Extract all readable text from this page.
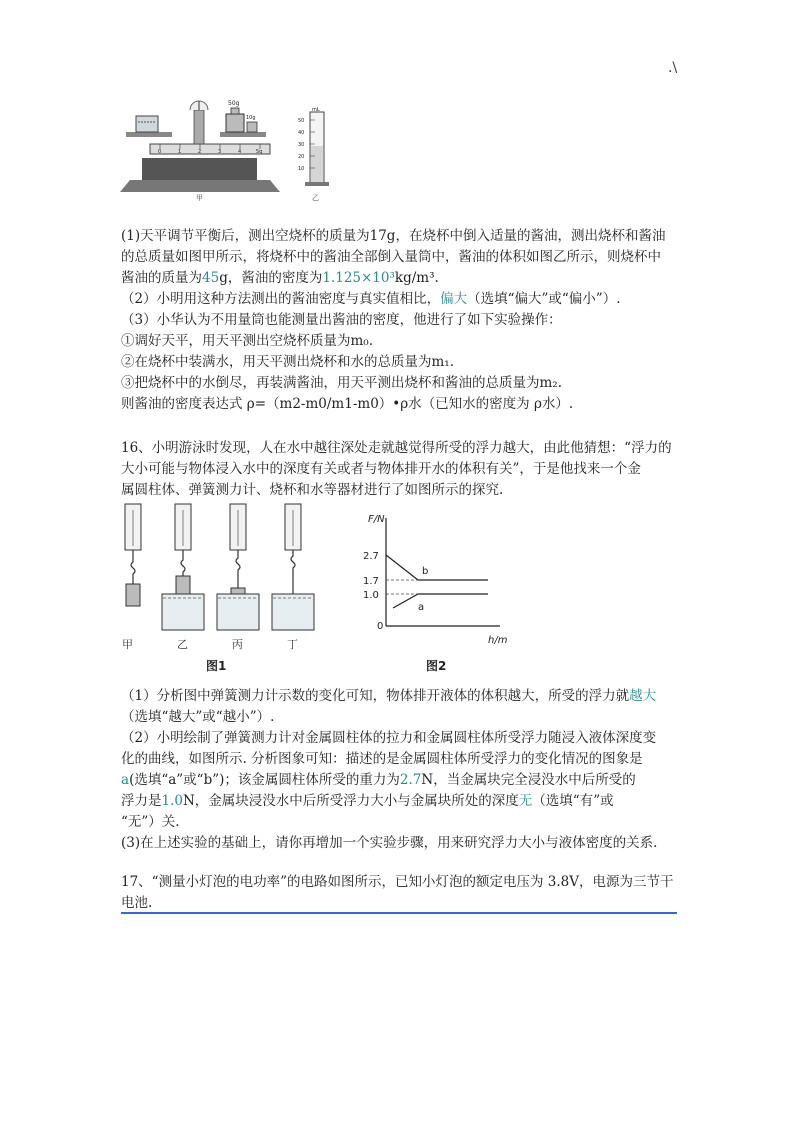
.\
0	1	2	3	4	5g
50g
10g
甲
mL
50
40
30
20
10
乙
(1)天平调节平衡后，测出空烧杯的质量为17g，在烧杯中倒入适量的酱油，测出烧杯和酱油
的总质量如图甲所示，将烧杯中的酱油全部倒入量筒中，酱油的体积如图乙所示，则烧杯中
酱油的质量为45g，酱油的密度为1.125×10³kg/m³.
（2）小明用这种方法测出的酱油密度与真实值相比，偏大（选填“偏大”或“偏小”）.
（3）小华认为不用量筒也能测量出酱油的密度，他进行了如下实验操作：
①调好天平，用天平测出空烧杯质量为m₀.
②在烧杯中装满水，用天平测出烧杯和水的总质量为m₁.
③把烧杯中的水倒尽，再装满酱油，用天平测出烧杯和酱油的总质量为m₂.
则酱油的密度表达式 ρ=（m2-m0/m1-m0）•ρ水（已知水的密度为 ρ水）.
16、小明游泳时发现，人在水中越往深处走就越觉得所受的浮力越大，由此他猜想：“浮力的
大小可能与物体浸入水中的深度有关或者与物体排开水的体积有关”，于是他找来一个金
属圆柱体、弹簧测力计、烧杯和水等器材进行了如图所示的探究.
甲	乙	丙	丁
图1
F/N
2.7
1.7
1.0
0
h/m
b
a
图2
（1）分析图中弹簧测力计示数的变化可知，物体排开液体的体积越大，所受的浮力就越大
（选填“越大”或“越小”）.
（2）小明绘制了弹簧测力计对金属圆柱体的拉力和金属圆柱体所受浮力随浸入液体深度变
化的曲线，如图所示. 分析图象可知：描述的是金属圆柱体所受浮力的变化情况的图象是
a(选填“a”或“b”)；该金属圆柱体所受的重力为2.7N，当金属块完全浸没水中后所受的
浮力是1.0N，金属块浸没水中后所受浮力大小与金属块所处的深度无（选填“有”或
“无”）关.
(3)在上述实验的基础上，请你再增加一个实验步骤，用来研究浮力大小与液体密度的关系.
17、“测量小灯泡的电功率”的电路如图所示，已知小灯泡的额定电压为 3.8V，电源为三节干
电池.
